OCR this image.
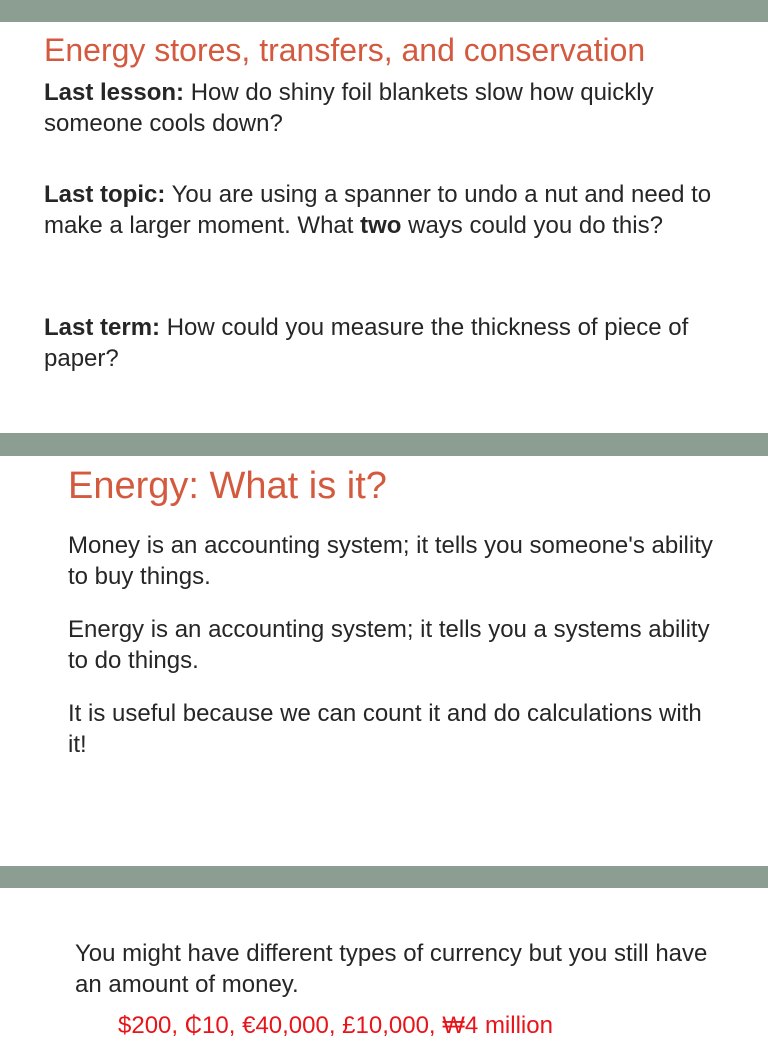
Energy stores, transfers, and conservation

Last lesson: How do shiny foil blankets slow how quickly someone cools down?

Last topic: You are using a spanner to undo a nut and need to make a larger moment. What two ways could you do this?

Last term: How could you measure the thickness of piece of paper?

Energy: What is it?

Money is an accounting system; it tells you someone's ability to buy things.

Energy is an accounting system; it tells you a systems ability to do things.

It is useful because we can count it and do calculations with it!

You might have different types of currency but you still have an amount of money.

$200, ₵10, €40,000, £10,000, ₩4 million
